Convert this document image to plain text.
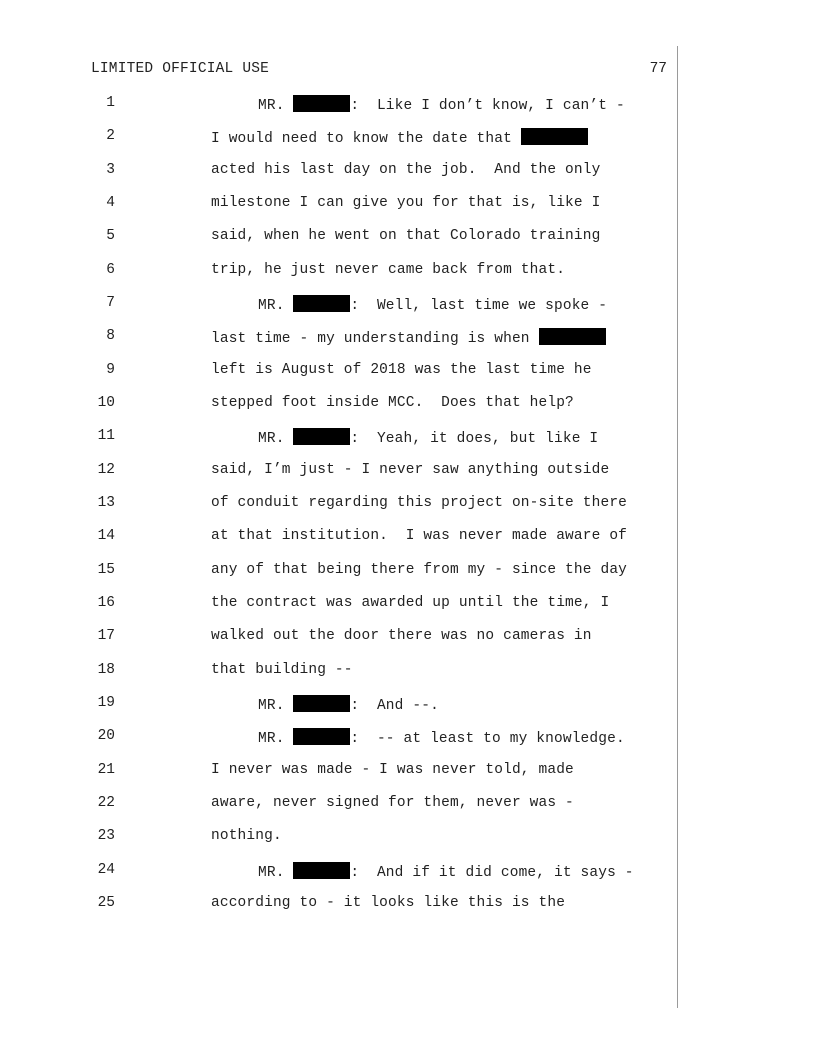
LIMITED OFFICIAL USE	77
1	MR.	:  Like I don’t know, I can’t -
2	I would need to know the date that
3	acted his last day on the job.  And the only
4	milestone I can give you for that is, like I
5	said, when he went on that Colorado training
6	trip, he just never came back from that.
7	MR.	:  Well, last time we spoke -
8	last time - my understanding is when
9	left is August of 2018 was the last time he
10	stepped foot inside MCC.  Does that help?
11	MR.	:  Yeah, it does, but like I
12	said, I’m just - I never saw anything outside
13	of conduit regarding this project on-site there
14	at that institution.  I was never made aware of
15	any of that being there from my - since the day
16	the contract was awarded up until the time, I
17	walked out the door there was no cameras in
18	that building --
19	MR.	:  And --.
20	MR.	:  -- at least to my knowledge.
21	I never was made - I was never told, made
22	aware, never signed for them, never was -
23	nothing.
24	MR.	:  And if it did come, it says -
25	according to - it looks like this is the
